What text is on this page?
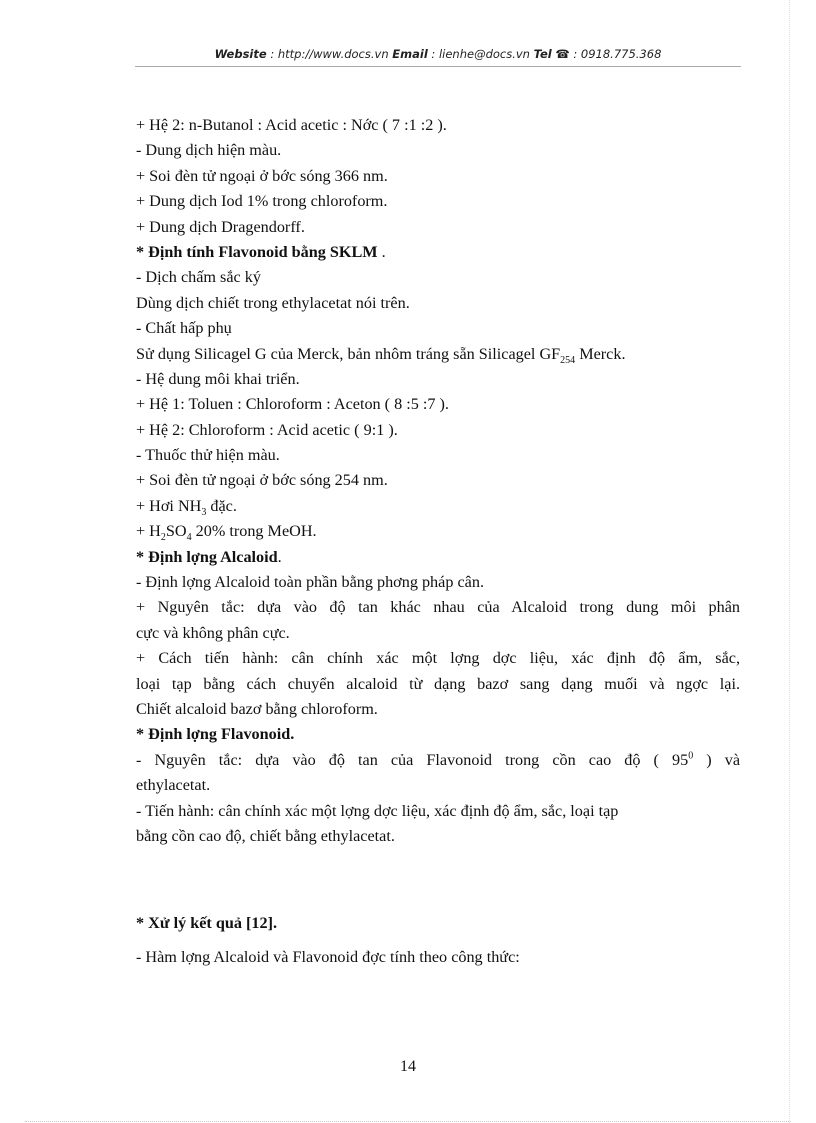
Website : http://www.docs.vn Email : lienhe@docs.vn Tel ☎ : 0918.775.368
+ Hệ 2: n-Butanol : Acid acetic : Nớc ( 7 :1 :2 ).
- Dung dịch hiện màu.
+ Soi đèn tử ngoại ở bớc sóng 366 nm.
+ Dung dịch Iod 1% trong chloroform.
+ Dung dịch Dragendorff.
* Định tính Flavonoid bằng SKLM .
- Dịch chấm sắc ký
Dùng dịch chiết trong ethylacetat nói trên.
- Chất hấp phụ
Sử dụng Silicagel G của Merck, bản nhôm tráng sẵn Silicagel $GF_{254}$ Merck.
- Hệ dung môi khai triển.
+ Hệ 1: Toluen : Chloroform : Aceton ( 8 :5 :7 ).
+ Hệ 2: Chloroform : Acid acetic ( 9:1 ).
- Thuốc thử hiện màu.
+ Soi đèn tử ngoại ở bớc sóng 254 nm.
+ Hơi $NH_3$ đặc.
+ $H_2SO_4$ 20% trong MeOH.
* Định lợng Alcaloid.
- Định lợng Alcaloid toàn phần bằng phơng pháp cân.
+ Nguyên tắc: dựa vào độ tan khác nhau của Alcaloid trong dung môi phân
cực và không phân cực.
+ Cách tiến hành: cân chính xác một lợng dợc liệu, xác định độ ẩm, sắc,
loại tạp bằng cách chuyển alcaloid từ dạng bazơ sang dạng muối và ngợc lại.
Chiết alcaloid bazơ bằng chloroform.
* Định lợng Flavonoid.
- Nguyên tắc: dựa vào độ tan của Flavonoid trong cồn cao độ ( $95^0$ ) và
ethylacetat.
- Tiến hành: cân chính xác một lợng dợc liệu, xác định độ ẩm, sắc, loại tạp
bằng cồn cao độ, chiết bằng ethylacetat.
* Xử lý kết quả [12].
- Hàm lợng Alcaloid và Flavonoid đợc tính theo công thức:
14
